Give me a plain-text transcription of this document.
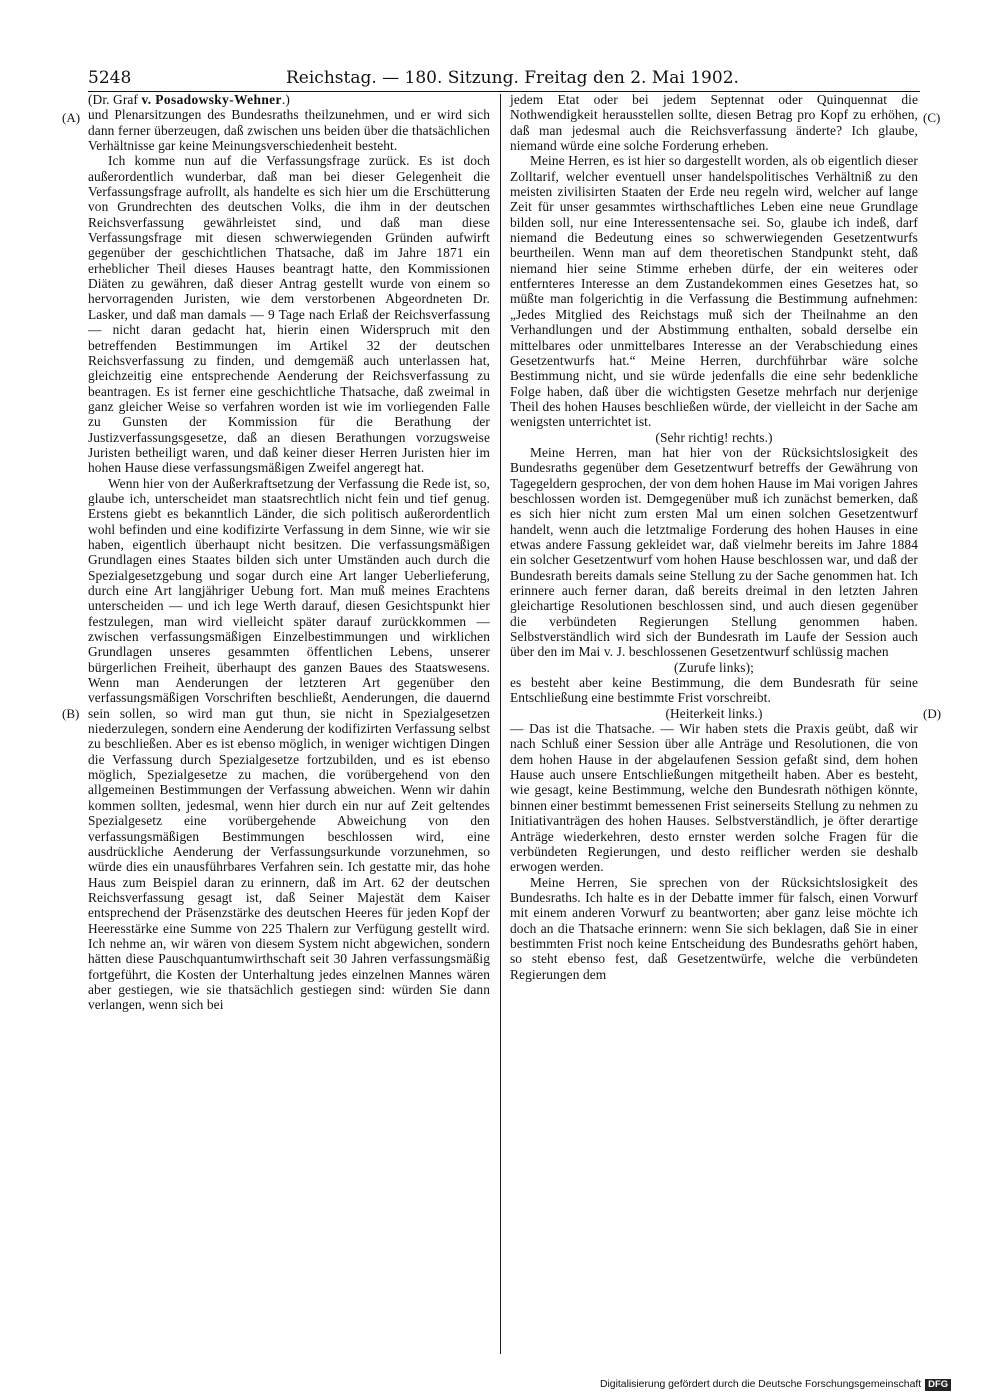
5248	Reichstag. — 180. Sitzung. Freitag den 2. Mai 1902.

(Dr. Graf v. Posadowsky-Wehner.)

und Plenarsitzungen des Bundesraths theilzunehmen, und er wird sich dann ferner überzeugen, daß zwischen uns beiden über die thatsächlichen Verhältnisse gar keine Meinungsverschiedenheit besteht.

Ich komme nun auf die Verfassungsfrage zurück. Es ist doch außerordentlich wunderbar, daß man bei dieser Gelegenheit die Verfassungsfrage aufrollt, als handelte es sich hier um die Erschütterung von Grundrechten des deutschen Volks, die ihm in der deutschen Reichsverfassung gewährleistet sind, und daß man diese Verfassungsfrage mit diesen schwerwiegenden Gründen aufwirft gegenüber der geschichtlichen Thatsache, daß im Jahre 1871 ein erheblicher Theil dieses Hauses beantragt hatte, den Kommissionen Diäten zu gewähren, daß dieser Antrag gestellt wurde von einem so hervorragenden Juristen, wie dem verstorbenen Abgeordneten Dr. Lasker, und daß man damals — 9 Tage nach Erlaß der Reichsverfassung — nicht daran gedacht hat, hierin einen Widerspruch mit den betreffenden Bestimmungen im Artikel 32 der deutschen Reichsverfassung zu finden, und demgemäß auch unterlassen hat, gleichzeitig eine entsprechende Aenderung der Reichsverfassung zu beantragen. Es ist ferner eine geschichtliche Thatsache, daß zweimal in ganz gleicher Weise so verfahren worden ist wie im vorliegenden Falle zu Gunsten der Kommission für die Berathung der Justizverfassungsgesetze, daß an diesen Berathungen vorzugsweise Juristen betheiligt waren, und daß keiner dieser Herren Juristen hier im hohen Hause diese verfassungsmäßigen Zweifel angeregt hat.

Wenn hier von der Außerkraftsetzung der Verfassung die Rede ist, so, glaube ich, unterscheidet man staatsrechtlich nicht fein und tief genug. Erstens giebt es bekanntlich Länder, die sich politisch außerordentlich wohl befinden und eine kodifizirte Verfassung in dem Sinne, wie wir sie haben, eigentlich überhaupt nicht besitzen. Die verfassungsmäßigen Grundlagen eines Staates bilden sich unter Umständen auch durch die Spezialgesetzgebung und sogar durch eine Art langer Ueberlieferung, durch eine Art langjähriger Uebung fort. Man muß meines Erachtens unterscheiden — und ich lege Werth darauf, diesen Gesichtspunkt hier festzulegen, man wird vielleicht später darauf zurückkommen — zwischen verfassungsmäßigen Einzelbestimmungen und wirklichen Grundlagen unseres gesammten öffentlichen Lebens, unserer bürgerlichen Freiheit, überhaupt des ganzen Baues des Staatswesens. Wenn man Aenderungen der letzteren Art gegenüber den verfassungsmäßigen Vorschriften beschließt, Aenderungen, die dauernd sein sollen, so wird man gut thun, sie nicht in Spezialgesetzen niederzulegen, sondern eine Aenderung der kodifizirten Verfassung selbst zu beschließen. Aber es ist ebenso möglich, in weniger wichtigen Dingen die Verfassung durch Spezialgesetze fortzubilden, und es ist ebenso möglich, Spezialgesetze zu machen, die vorübergehend von den allgemeinen Bestimmungen der Verfassung abweichen. Wenn wir dahin kommen sollten, jedesmal, wenn hier durch ein nur auf Zeit geltendes Spezialgesetz eine vorübergehende Abweichung von den verfassungsmäßigen Bestimmungen beschlossen wird, eine ausdrückliche Aenderung der Verfassungsurkunde vorzunehmen, so würde dies ein unausführbares Verfahren sein. Ich gestatte mir, das hohe Haus zum Beispiel daran zu erinnern, daß im Art. 62 der deutschen Reichsverfassung gesagt ist, daß Seiner Majestät dem Kaiser entsprechend der Präsenzstärke des deutschen Heeres für jeden Kopf der Heeresstärke eine Summe von 225 Thalern zur Verfügung gestellt wird. Ich nehme an, wir wären von diesem System nicht abgewichen, sondern hätten diese Pauschquantumwirthschaft seit 30 Jahren verfassungsmäßig fortgeführt, die Kosten der Unterhaltung jedes einzelnen Mannes wären aber gestiegen, wie sie thatsächlich gestiegen sind: würden Sie dann verlangen, wenn sich bei

jedem Etat oder bei jedem Septennat oder Quinquennat die Nothwendigkeit herausstellen sollte, diesen Betrag pro Kopf zu erhöhen, daß man jedesmal auch die Reichsverfassung änderte? Ich glaube, niemand würde eine solche Forderung erheben.

Meine Herren, es ist hier so dargestellt worden, als ob eigentlich dieser Zolltarif, welcher eventuell unser handelspolitisches Verhältniß zu den meisten zivilisirten Staaten der Erde neu regeln wird, welcher auf lange Zeit für unser gesammtes wirthschaftliches Leben eine neue Grundlage bilden soll, nur eine Interessentensache sei. So, glaube ich indeß, darf niemand die Bedeutung eines so schwerwiegenden Gesetzentwurfs beurtheilen. Wenn man auf dem theoretischen Standpunkt steht, daß niemand hier seine Stimme erheben dürfe, der ein weiteres oder entfernteres Interesse an dem Zustandekommen eines Gesetzes hat, so müßte man folgerichtig in die Verfassung die Bestimmung aufnehmen: „Jedes Mitglied des Reichstags muß sich der Theilnahme an den Verhandlungen und der Abstimmung enthalten, sobald derselbe ein mittelbares oder unmittelbares Interesse an der Verabschiedung eines Gesetzentwurfs hat.“ Meine Herren, durchführbar wäre solche Bestimmung nicht, und sie würde jedenfalls die eine sehr bedenkliche Folge haben, daß über die wichtigsten Gesetze mehrfach nur derjenige Theil des hohen Hauses beschließen würde, der vielleicht in der Sache am wenigsten unterrichtet ist.

(Sehr richtig! rechts.)

Meine Herren, man hat hier von der Rücksichtslosigkeit des Bundesraths gegenüber dem Gesetzentwurf betreffs der Gewährung von Tagegeldern gesprochen, der von dem hohen Hause im Mai vorigen Jahres beschlossen worden ist. Demgegenüber muß ich zunächst bemerken, daß es sich hier nicht zum ersten Mal um einen solchen Gesetzentwurf handelt, wenn auch die letztmalige Forderung des hohen Hauses in eine etwas andere Fassung gekleidet war, daß vielmehr bereits im Jahre 1884 ein solcher Gesetzentwurf vom hohen Hause beschlossen war, und daß der Bundesrath bereits damals seine Stellung zu der Sache genommen hat. Ich erinnere auch ferner daran, daß bereits dreimal in den letzten Jahren gleichartige Resolutionen beschlossen sind, und auch diesen gegenüber die verbündeten Regierungen Stellung genommen haben. Selbstverständlich wird sich der Bundesrath im Laufe der Session auch über den im Mai v. J. beschlossenen Gesetzentwurf schlüssig machen

(Zurufe links);

es besteht aber keine Bestimmung, die dem Bundesrath für seine Entschließung eine bestimmte Frist vorschreibt.

(Heiterkeit links.)

— Das ist die Thatsache. — Wir haben stets die Praxis geübt, daß wir nach Schluß einer Session über alle Anträge und Resolutionen, die von dem hohen Hause in der abgelaufenen Session gefaßt sind, dem hohen Hause auch unsere Entschließungen mitgetheilt haben. Aber es besteht, wie gesagt, keine Bestimmung, welche den Bundesrath nöthigen könnte, binnen einer bestimmt bemessenen Frist seinerseits Stellung zu nehmen zu Initiativanträgen des hohen Hauses. Selbstverständlich, je öfter derartige Anträge wiederkehren, desto ernster werden solche Fragen für die verbündeten Regierungen, und desto reiflicher werden sie deshalb erwogen werden.

Meine Herren, Sie sprechen von der Rücksichtslosigkeit des Bundesraths. Ich halte es in der Debatte immer für falsch, einen Vorwurf mit einem anderen Vorwurf zu beantworten; aber ganz leise möchte ich doch an die Thatsache erinnern: wenn Sie sich beklagen, daß Sie in einer bestimmten Frist noch keine Entscheidung des Bundesraths gehört haben, so steht ebenso fest, daß Gesetzentwürfe, welche die verbündeten Regierungen dem

(A)
(B)
(C)
(D)
Digitalisierung gefördert durch die Deutsche Forschungsgemeinschaft DFG
